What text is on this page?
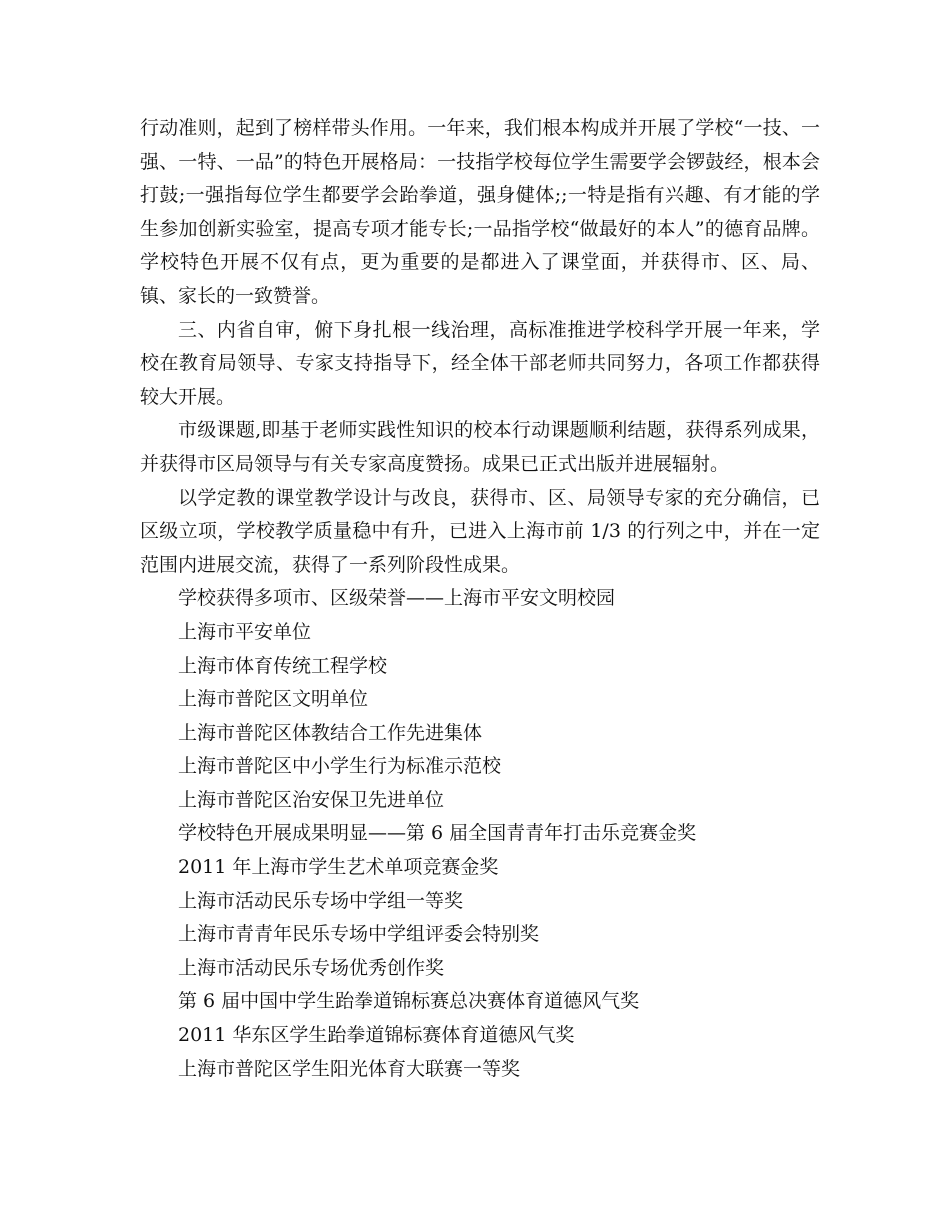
行动准则，起到了榜样带头作用。一年来，我们根本构成并开展了学校“一技、一强、一特、一品”的特色开展格局：一技指学校每位学生需要学会锣鼓经，根本会打鼓;一强指每位学生都要学会跆拳道，强身健体;;一特是指有兴趣、有才能的学生参加创新实验室，提高专项才能专长;一品指学校“做最好的本人”的德育品牌。学校特色开展不仅有点，更为重要的是都进入了课堂面，并获得市、区、局、镇、家长的一致赞誉。

三、内省自审，俯下身扎根一线治理，高标准推进学校科学开展一年来，学校在教育局领导、专家支持指导下，经全体干部老师共同努力，各项工作都获得较大开展。

市级课题,即基于老师实践性知识的校本行动课题顺利结题，获得系列成果，并获得市区局领导与有关专家高度赞扬。成果已正式出版并进展辐射。

以学定教的课堂教学设计与改良，获得市、区、局领导专家的充分确信，已区级立项，学校教学质量稳中有升，已进入上海市前 1/3 的行列之中，并在一定范围内进展交流，获得了一系列阶段性成果。

学校获得多项市、区级荣誉——上海市平安文明校园

上海市平安单位

上海市体育传统工程学校

上海市普陀区文明单位

上海市普陀区体教结合工作先进集体

上海市普陀区中小学生行为标准示范校

上海市普陀区治安保卫先进单位

学校特色开展成果明显——第 6 届全国青青年打击乐竞赛金奖

2011 年上海市学生艺术单项竞赛金奖

上海市活动民乐专场中学组一等奖

上海市青青年民乐专场中学组评委会特别奖

上海市活动民乐专场优秀创作奖

第 6 届中国中学生跆拳道锦标赛总决赛体育道德风气奖

2011 华东区学生跆拳道锦标赛体育道德风气奖

上海市普陀区学生阳光体育大联赛一等奖
